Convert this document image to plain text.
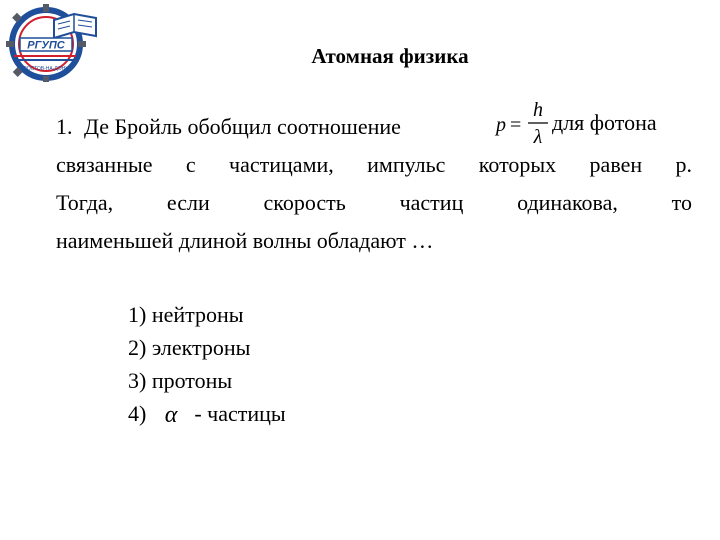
РГУПС
РОСТОВ-НА-ДОНУ
Атомная физика
1. Де Бройль обобщил соотношение	p =
h
λ
для фотона
связанные с частицами, импульс которых равен p.
Тогда, если скорость частиц одинакова, то
наименьшей длиной волны обладают …
1)
нейтроны
2)
электроны
3)
протоны
4) α - частицы
